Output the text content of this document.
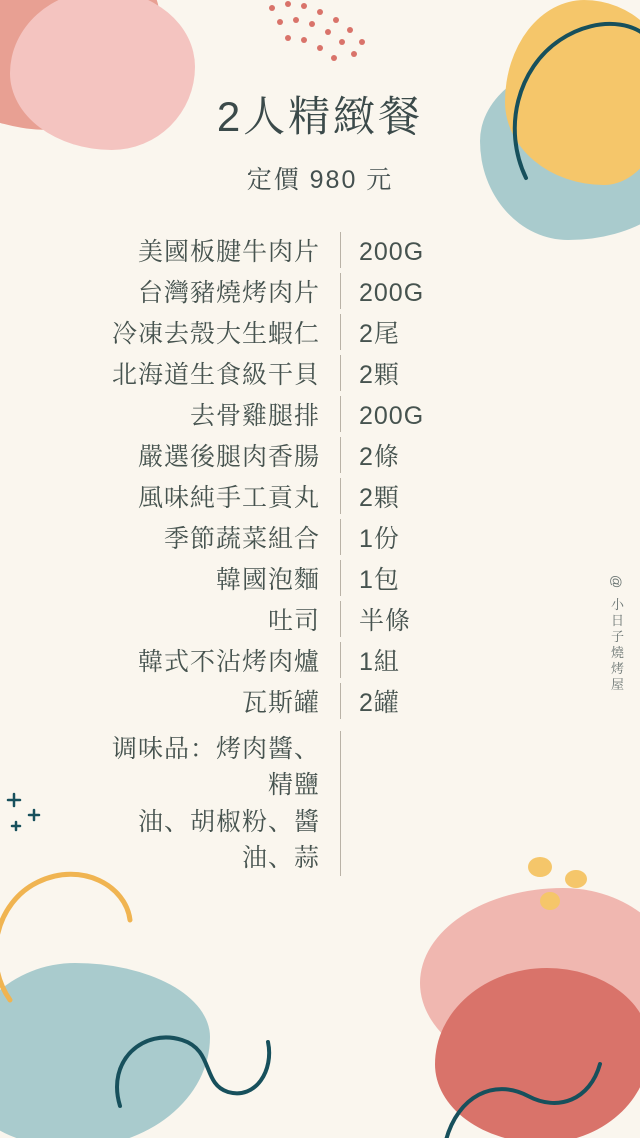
2人精緻餐
定價 980 元
美國板腱牛肉片	200G
台灣豬燒烤肉片	200G
冷凍去殼大生蝦仁	2尾
北海道生食級干貝	2顆
去骨雞腿排	200G
嚴選後腿肉香腸	2條
風味純手工貢丸	2顆
季節蔬菜組合	1份
韓國泡麵	1包
吐司	半條
韓式不沾烤肉爐	1組
瓦斯罐	2罐
调味品：烤肉醬、精鹽
油、胡椒粉、醬油、蒜
@ 小日子燒烤屋
